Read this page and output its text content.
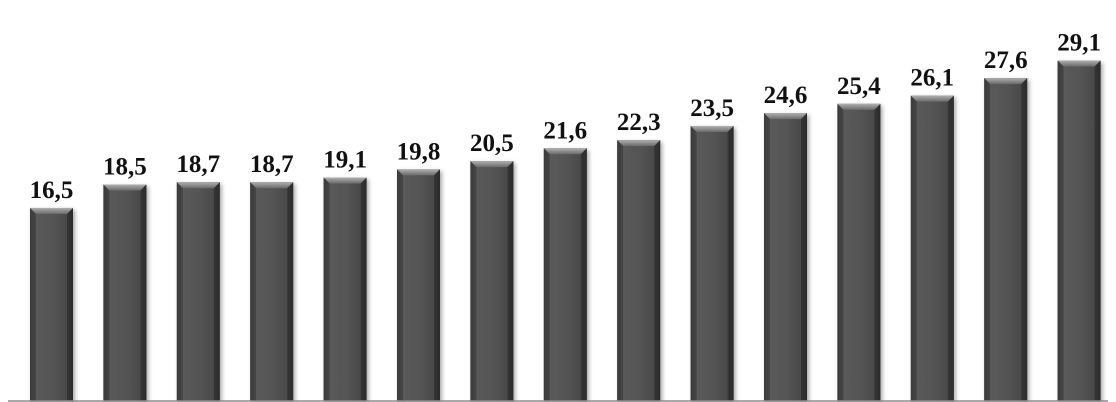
16,5
18,5 18,7 18,7 19,1 19,8 20,5 21,6 22,3
23,5 24,6 25,4 26,1
27,6
29,1
